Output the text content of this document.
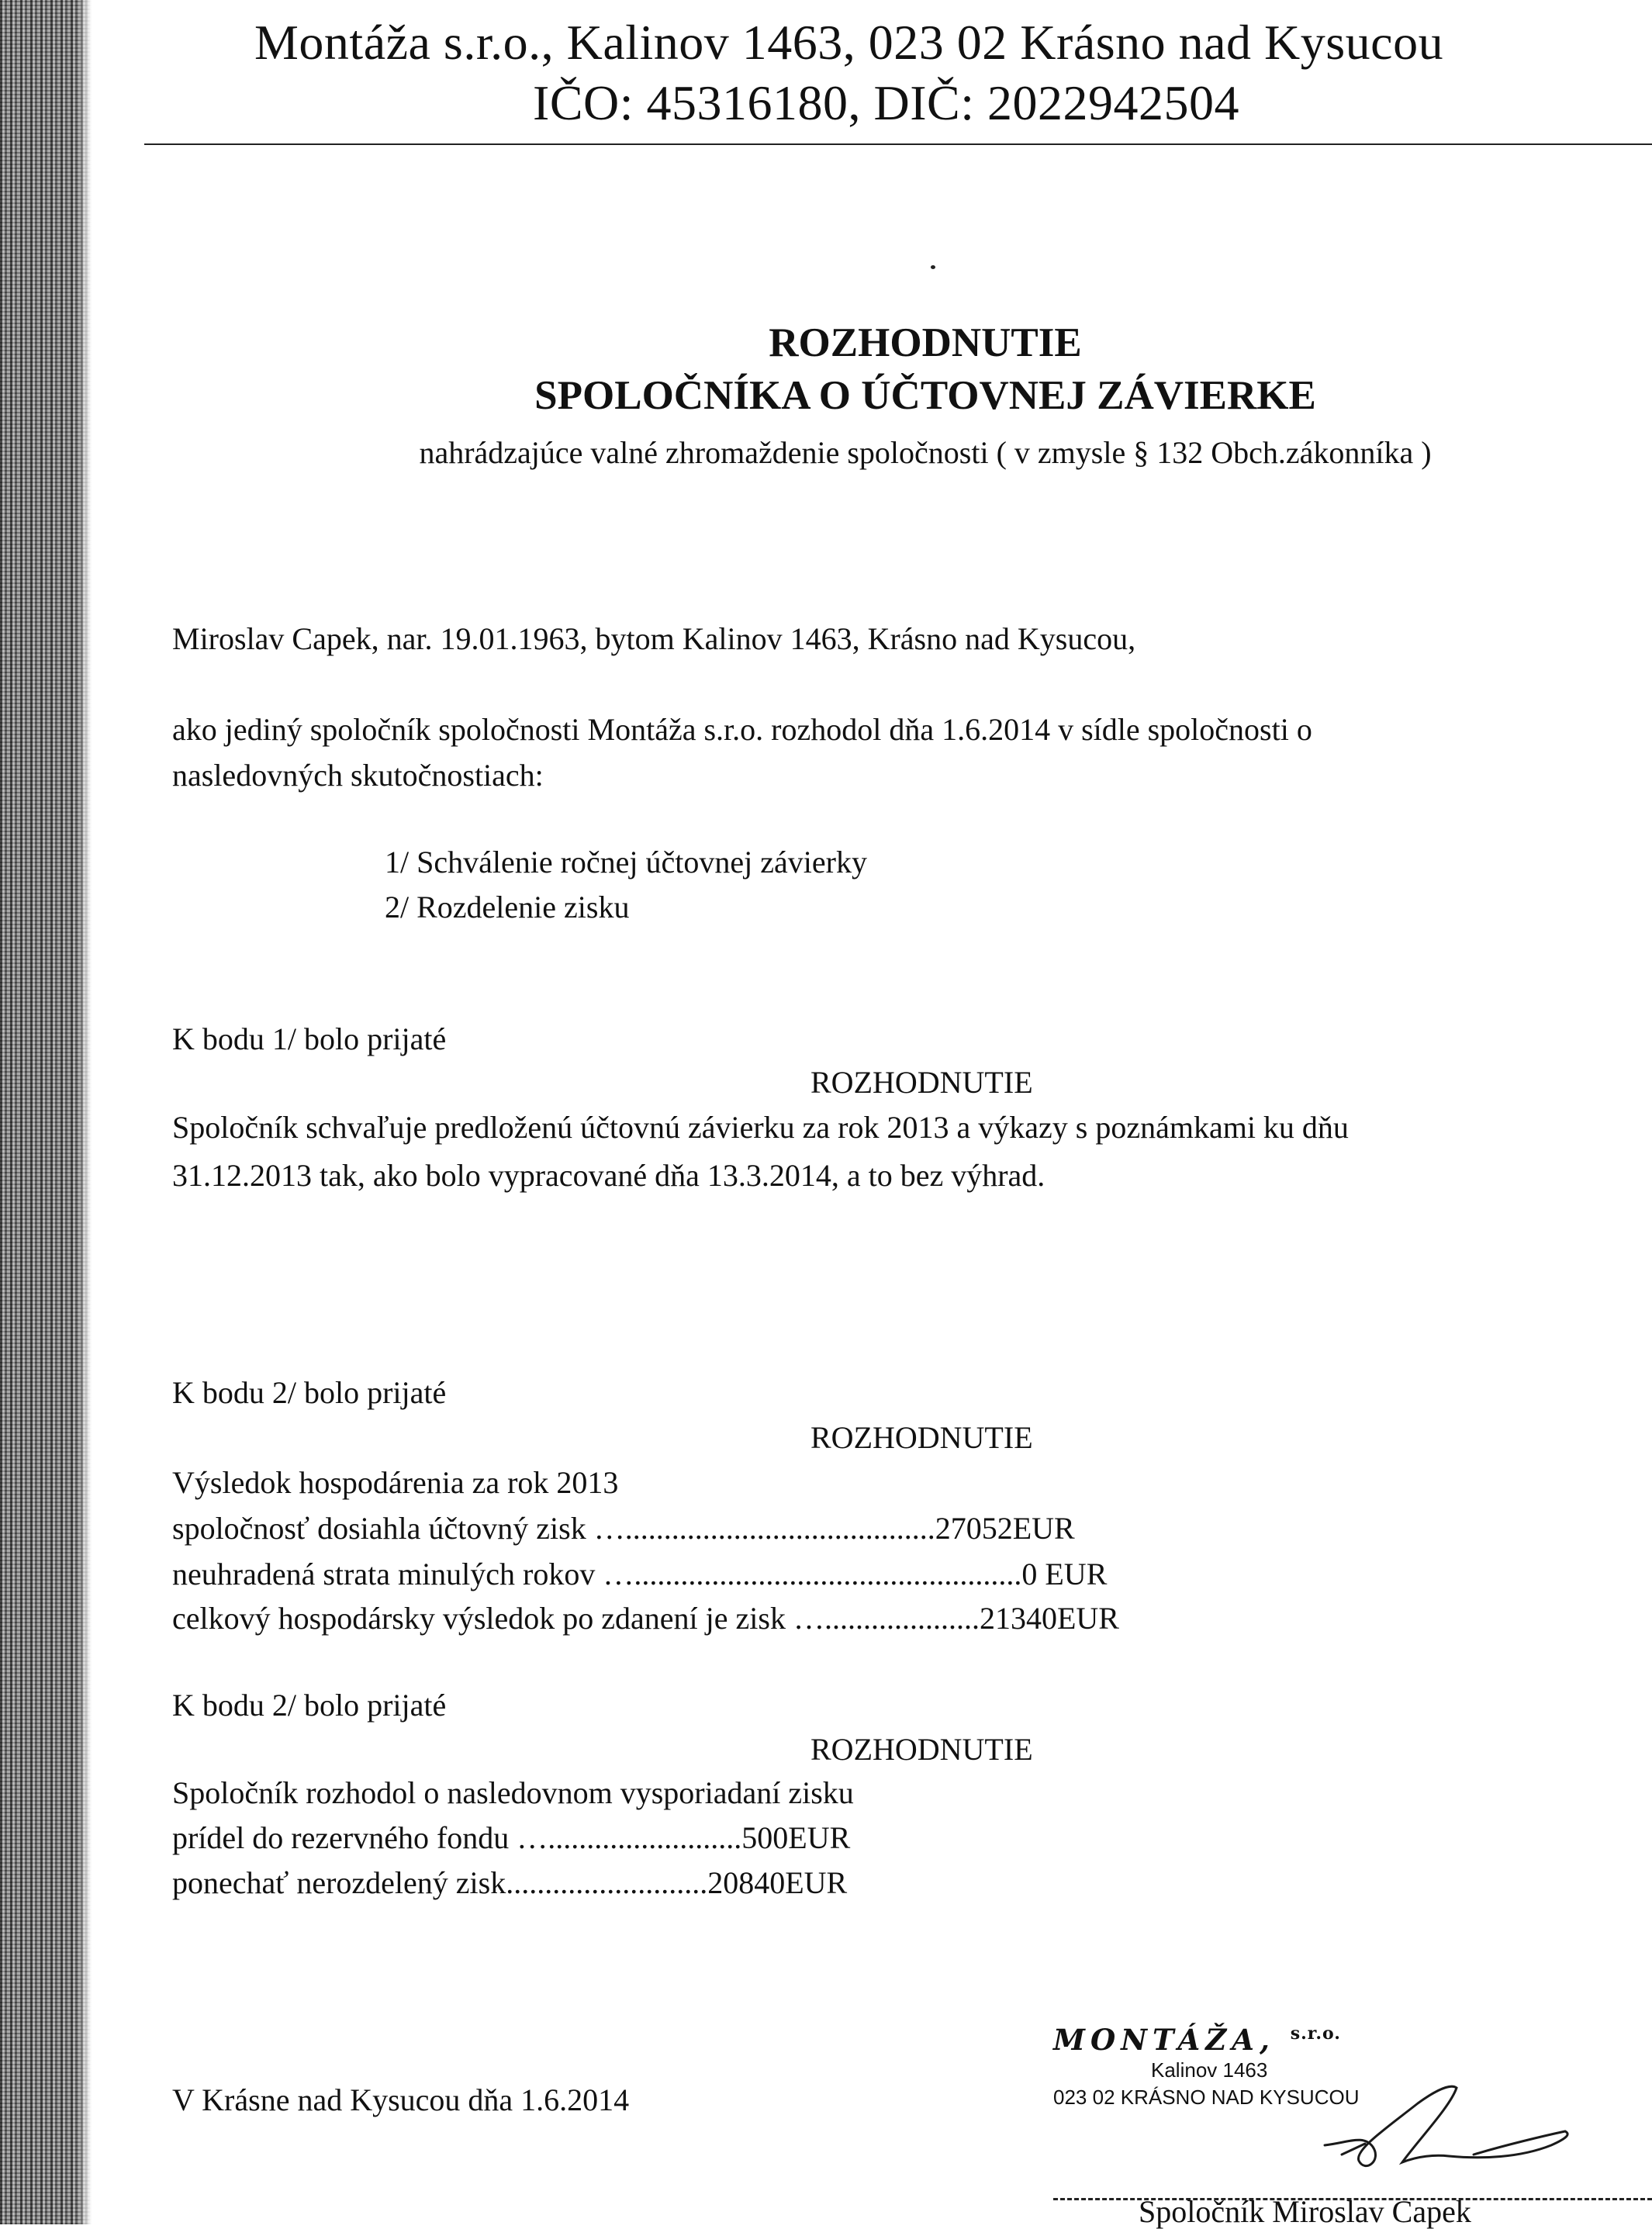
Montáža s.r.o., Kalinov 1463, 023 02 Krásno nad Kysucou
IČO: 45316180, DIČ: 2022942504
ROZHODNUTIE
SPOLOČNÍKA O ÚČTOVNEJ ZÁVIERKE
nahrádzajúce valné zhromaždenie spoločnosti ( v zmysle § 132 Obch.zákonníka )
Miroslav Capek, nar. 19.01.1963, bytom Kalinov 1463, Krásno nad Kysucou,
ako jediný spoločník spoločnosti Montáža s.r.o. rozhodol dňa 1.6.2014 v sídle spoločnosti o
nasledovných skutočnostiach:
1/ Schválenie ročnej účtovnej závierky
2/ Rozdelenie zisku
K bodu 1/ bolo prijaté
ROZHODNUTIE
Spoločník schvaľuje predloženú účtovnú závierku za rok 2013 a výkazy s poznámkami ku dňu
31.12.2013 tak, ako bolo vypracované dňa 13.3.2014, a to bez výhrad.
K bodu 2/ bolo prijaté
ROZHODNUTIE
Výsledok hospodárenia za rok 2013
spoločnosť dosiahla účtovný zisk …........................................27052EUR
neuhradená strata minulých rokov …..................................................0 EUR
celkový hospodársky výsledok po zdanení je zisk …....................21340EUR
K bodu 2/ bolo prijaté
ROZHODNUTIE
Spoločník rozhodol o nasledovnom vysporiadaní zisku
prídel do rezervného fondu ….........................500EUR
ponechať nerozdelený zisk..........................20840EUR
V Krásne nad Kysucou dňa 1.6.2014
MONTÁŽA, $^{s.r.o.}$
Kalinov 1463
023 02 KRÁSNO NAD KYSUCOU
Spoločník Miroslav Capek
